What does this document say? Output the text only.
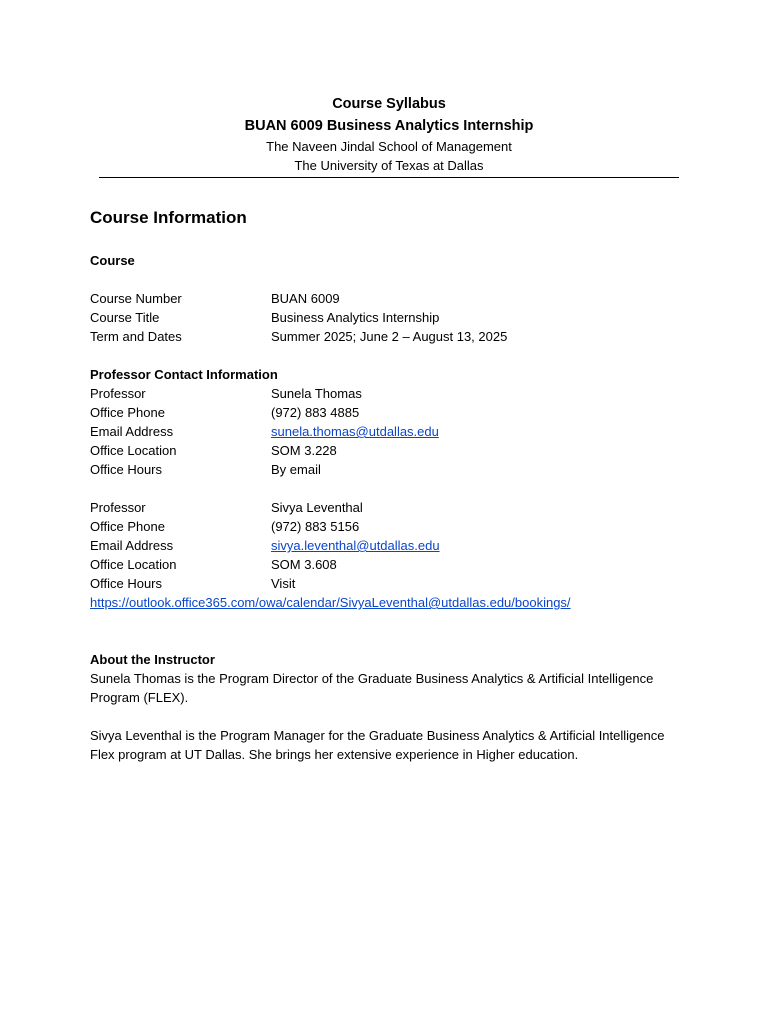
Course Syllabus

BUAN 6009 Business Analytics Internship

The Naveen Jindal School of Management

The University of Texas at Dallas

Course Information
Course
Course Number	BUAN 6009
Course Title	Business Analytics Internship
Term and Dates	Summer 2025; June 2 – August 13, 2025
Professor Contact Information
Professor	Sunela Thomas
Office Phone	(972) 883 4885
Email Address	sunela.thomas@utdallas.edu
Office Location	SOM 3.228
Office Hours	By email
Professor	Sivya Leventhal
Office Phone	(972) 883 5156
Email Address	sivya.leventhal@utdallas.edu
Office Location	SOM 3.608
Office Hours	Visit
https://outlook.office365.com/owa/calendar/SivyaLeventhal@utdallas.edu/bookings/
About the Instructor

Sunela Thomas is the Program Director of the Graduate Business Analytics & Artificial Intelligence Program (FLEX).

Sivya Leventhal is the Program Manager for the Graduate Business Analytics & Artificial Intelligence Flex program at UT Dallas. She brings her extensive experience in Higher education.
